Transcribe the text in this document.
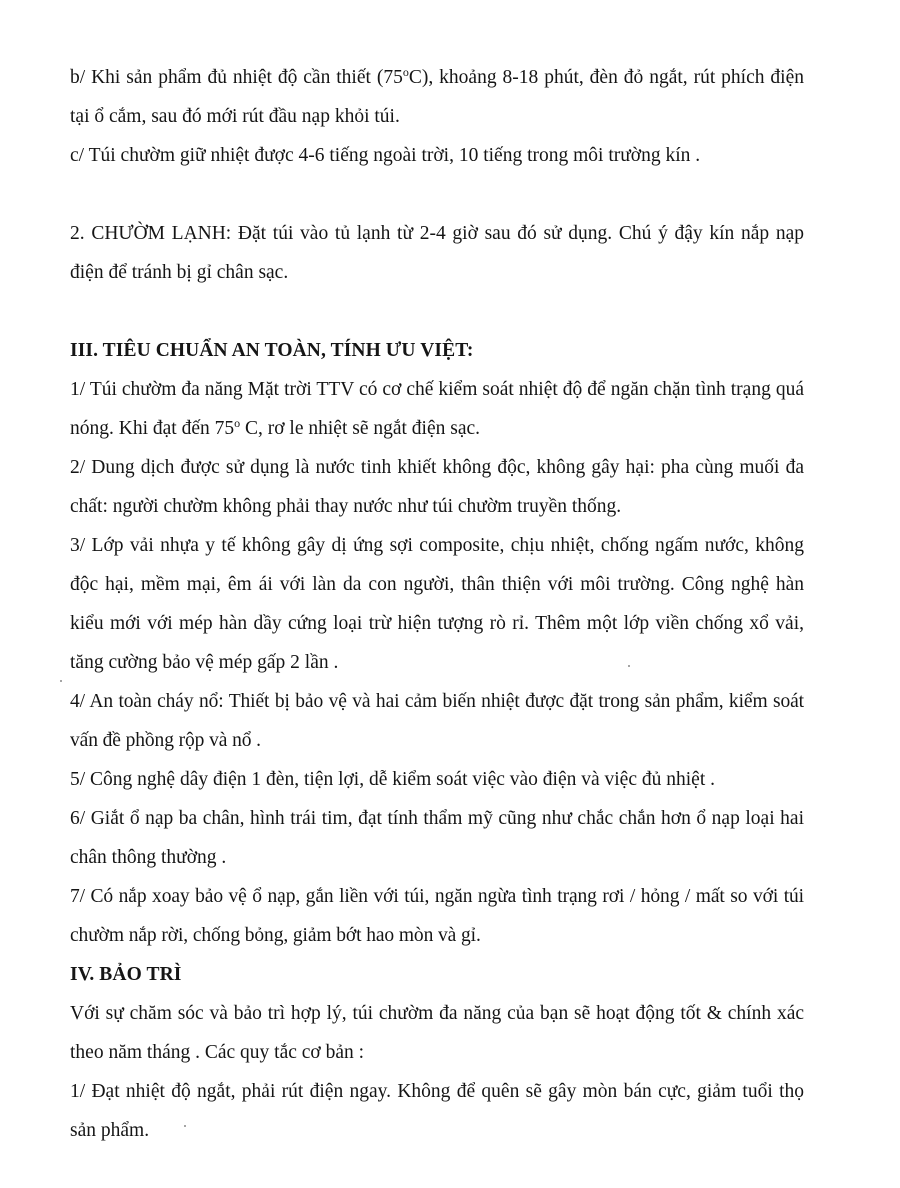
b/ Khi sản phẩm đủ nhiệt độ cần thiết (75$^o$C), khoảng 8-18 phút, đèn đỏ ngắt, rút phích điện tại ổ cắm, sau đó mới rút đầu nạp khỏi túi.

c/ Túi chườm giữ nhiệt được 4-6 tiếng ngoài trời, 10 tiếng trong môi trường kín .

2. CHƯỜM LẠNH: Đặt túi vào tủ lạnh từ 2-4 giờ sau đó sử dụng. Chú ý đậy kín nắp nạp điện để tránh bị gỉ chân sạc.

III. TIÊU CHUẨN AN TOÀN, TÍNH ƯU VIỆT:

1/ Túi chườm đa năng Mặt trời TTV có cơ chế kiểm soát nhiệt độ để ngăn chặn tình trạng quá nóng. Khi đạt đến 75$^o$ C, rơ le nhiệt sẽ ngắt điện sạc.

2/ Dung dịch được sử dụng là nước tinh khiết không độc, không gây hại: pha cùng muối đa chất: người chườm không phải thay nước như túi chườm truyền thống.

3/ Lớp vải nhựa y tế không gây dị ứng sợi composite, chịu nhiệt, chống ngấm nước, không độc hại, mềm mại, êm ái với làn da con người, thân thiện với môi trường. Công nghệ hàn kiểu mới với mép hàn dầy cứng loại trừ hiện tượng rò rỉ. Thêm một lớp viền chống xổ vải, tăng cường bảo vệ mép gấp 2 lần .

4/ An toàn cháy nổ: Thiết bị bảo vệ và hai cảm biến nhiệt được đặt trong sản phẩm, kiểm soát vấn đề phồng rộp và nổ .

5/ Công nghệ dây điện 1 đèn, tiện lợi, dễ kiểm soát việc vào điện và việc đủ nhiệt .

6/ Giắt ổ nạp ba chân, hình trái tim, đạt tính thẩm mỹ cũng như chắc chắn hơn ổ nạp loại hai chân thông thường .

7/ Có nắp xoay bảo vệ ổ nạp, gắn liền với túi, ngăn ngừa tình trạng rơi / hỏng / mất so với túi chườm nắp rời, chống bỏng, giảm bớt hao mòn và gỉ.

IV. BẢO TRÌ

Với sự chăm sóc và bảo trì hợp lý, túi chườm đa năng của bạn sẽ hoạt động tốt & chính xác theo năm tháng . Các quy tắc cơ bản :

1/ Đạt nhiệt độ ngắt, phải rút điện ngay. Không để quên sẽ gây mòn bán cực, giảm tuổi thọ sản phẩm.
